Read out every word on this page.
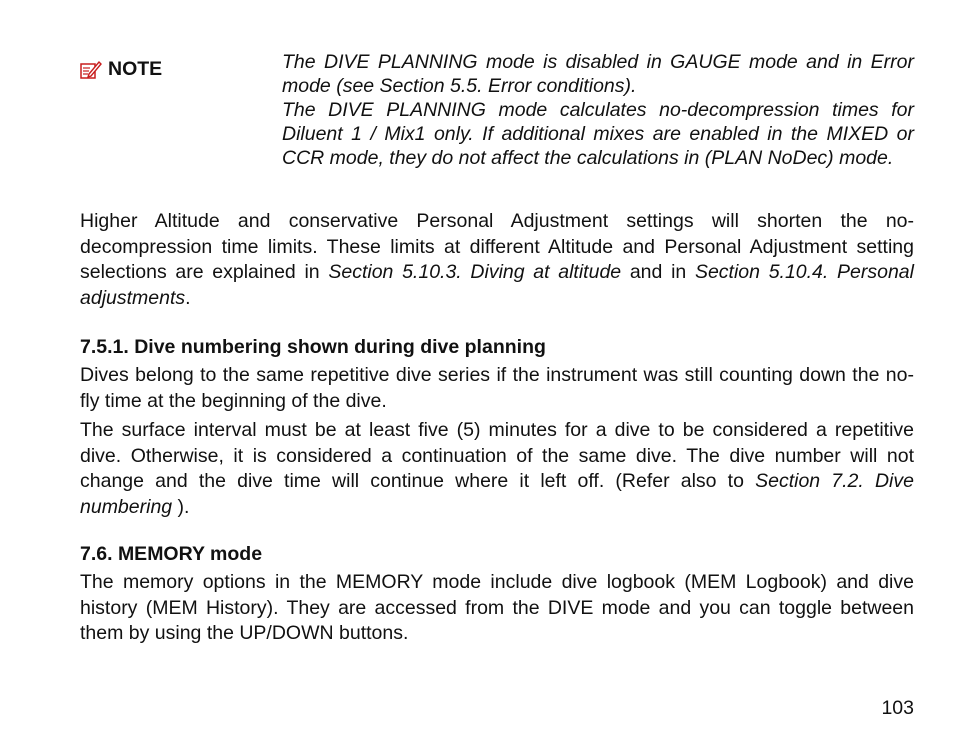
NOTE	The DIVE PLANNING mode is disabled in GAUGE mode and in Error mode (see Section 5.5. Error conditions).

The DIVE PLANNING mode calculates no-decompression times for Diluent 1 / Mix1 only. If additional mixes are enabled in the MIXED or CCR mode, they do not affect the calculations in (PLAN NoDec) mode.

Higher Altitude and conservative Personal Adjustment settings will shorten the no-decompression time limits. These limits at different Altitude and Personal Adjustment setting selections are explained in Section 5.10.3. Diving at altitude and in Section 5.10.4. Personal adjustments.

7.5.1. Dive numbering shown during dive planning

Dives belong to the same repetitive dive series if the instrument was still counting down the no-fly time at the beginning of the dive.

The surface interval must be at least five (5) minutes for a dive to be considered a repetitive dive. Otherwise, it is considered a continuation of the same dive. The dive number will not change and the dive time will continue where it left off. (Refer also to Section 7.2. Dive numbering ).

7.6. MEMORY mode

The memory options in the MEMORY mode include dive logbook (MEM Logbook) and dive history (MEM History). They are accessed from the DIVE mode and you can toggle between them by using the UP/DOWN buttons.

103
